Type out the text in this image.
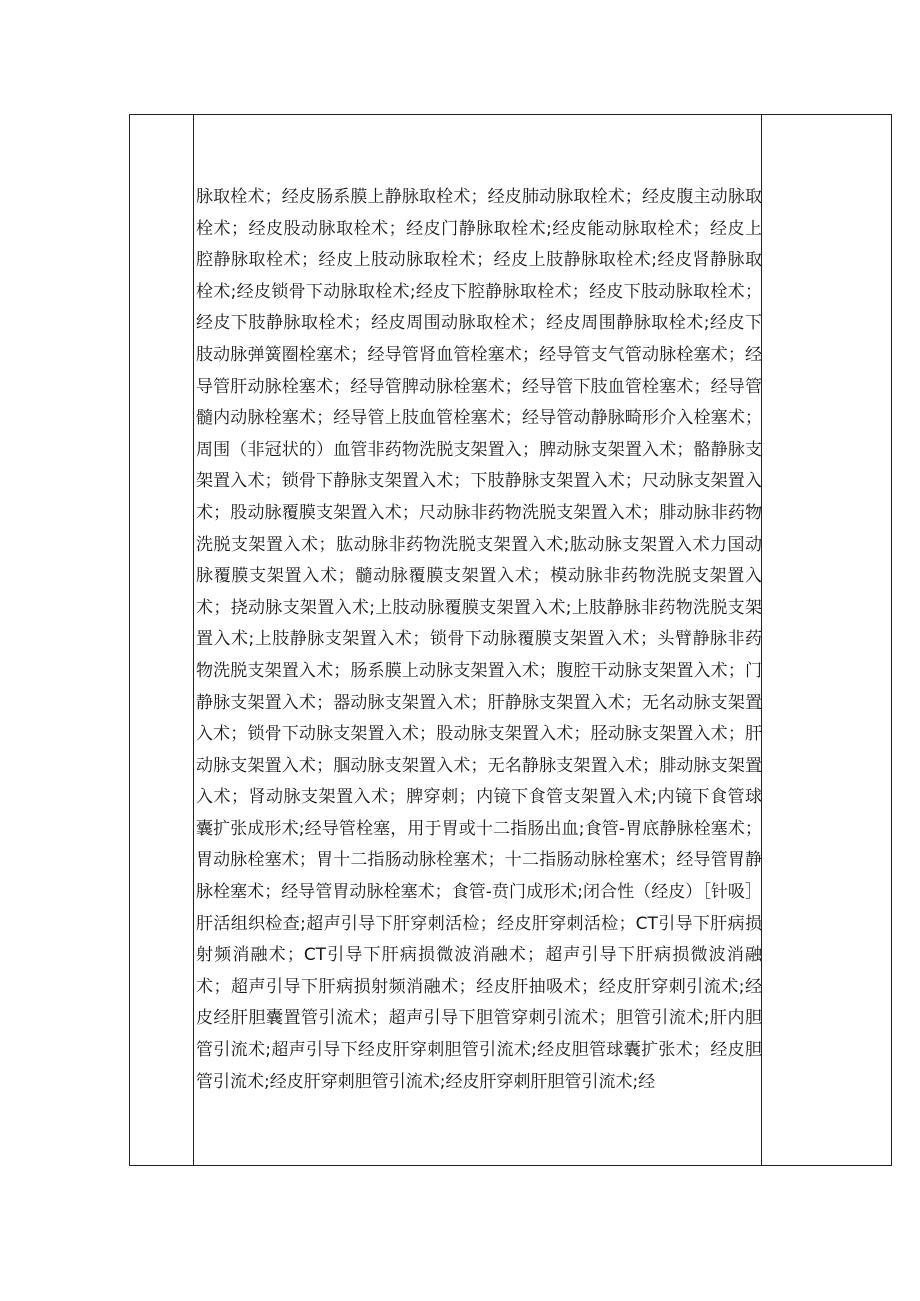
脉取栓术；经皮肠系膜上静脉取栓术；经皮肺动脉取栓术；经皮腹主动脉取栓术；经皮股动脉取栓术；经皮门静脉取栓术;经皮能动脉取栓术；经皮上腔静脉取栓术；经皮上肢动脉取栓术；经皮上肢静脉取栓术;经皮肾静脉取栓术;经皮锁骨下动脉取栓术;经皮下腔静脉取栓术；经皮下肢动脉取栓术；经皮下肢静脉取栓术；经皮周围动脉取栓术；经皮周围静脉取栓术;经皮下肢动脉弹簧圈栓塞术；经导管肾血管栓塞术；经导管支气管动脉栓塞术；经导管肝动脉栓塞术；经导管脾动脉栓塞术；经导管下肢血管栓塞术；经导管髓内动脉栓塞术；经导管上肢血管栓塞术；经导管动静脉畸形介入栓塞术；周围（非冠状的）血管非药物洗脱支架置入；脾动脉支架置入术；骼静脉支架置入术；锁骨下静脉支架置入术；下肢静脉支架置入术；尺动脉支架置入术；股动脉覆膜支架置入术；尺动脉非药物洗脱支架置入术；腓动脉非药物洗脱支架置入术；肱动脉非药物洗脱支架置入术;肱动脉支架置入术力国动脉覆膜支架置入术；髓动脉覆膜支架置入术；模动脉非药物洗脱支架置入术；挠动脉支架置入术;上肢动脉覆膜支架置入术;上肢静脉非药物洗脱支架置入术;上肢静脉支架置入术；锁骨下动脉覆膜支架置入术；头臂静脉非药物洗脱支架置入术；肠系膜上动脉支架置入术；腹腔干动脉支架置入术；门静脉支架置入术；器动脉支架置入术；肝静脉支架置入术；无名动脉支架置入术；锁骨下动脉支架置入术；股动脉支架置入术；胫动脉支架置入术；肝动脉支架置入术；腘动脉支架置入术；无名静脉支架置入术；腓动脉支架置入术；肾动脉支架置入术；脾穿刺；内镜下食管支架置入术;内镜下食管球囊扩张成形术;经导管栓塞，用于胃或十二指肠出血;食管-胃底静脉栓塞术；胃动脉栓塞术；胃十二指肠动脉栓塞术；十二指肠动脉栓塞术；经导管胃静脉栓塞术；经导管胃动脉栓塞术；食管-贲门成形术;闭合性（经皮）［针吸］肝活组织检查;超声引导下肝穿刺活检；经皮肝穿刺活检；CT引导下肝病损射频消融术；CT引导下肝病损微波消融术；超声引导下肝病损微波消融术；超声引导下肝病损射频消融术；经皮肝抽吸术；经皮肝穿刺引流术;经皮经肝胆囊置管引流术；超声引导下胆管穿刺引流术；胆管引流术;肝内胆管引流术;超声引导下经皮肝穿刺胆管引流术;经皮胆管球囊扩张术；经皮胆管引流术;经皮肝穿刺胆管引流术;经皮肝穿刺肝胆管引流术;经
